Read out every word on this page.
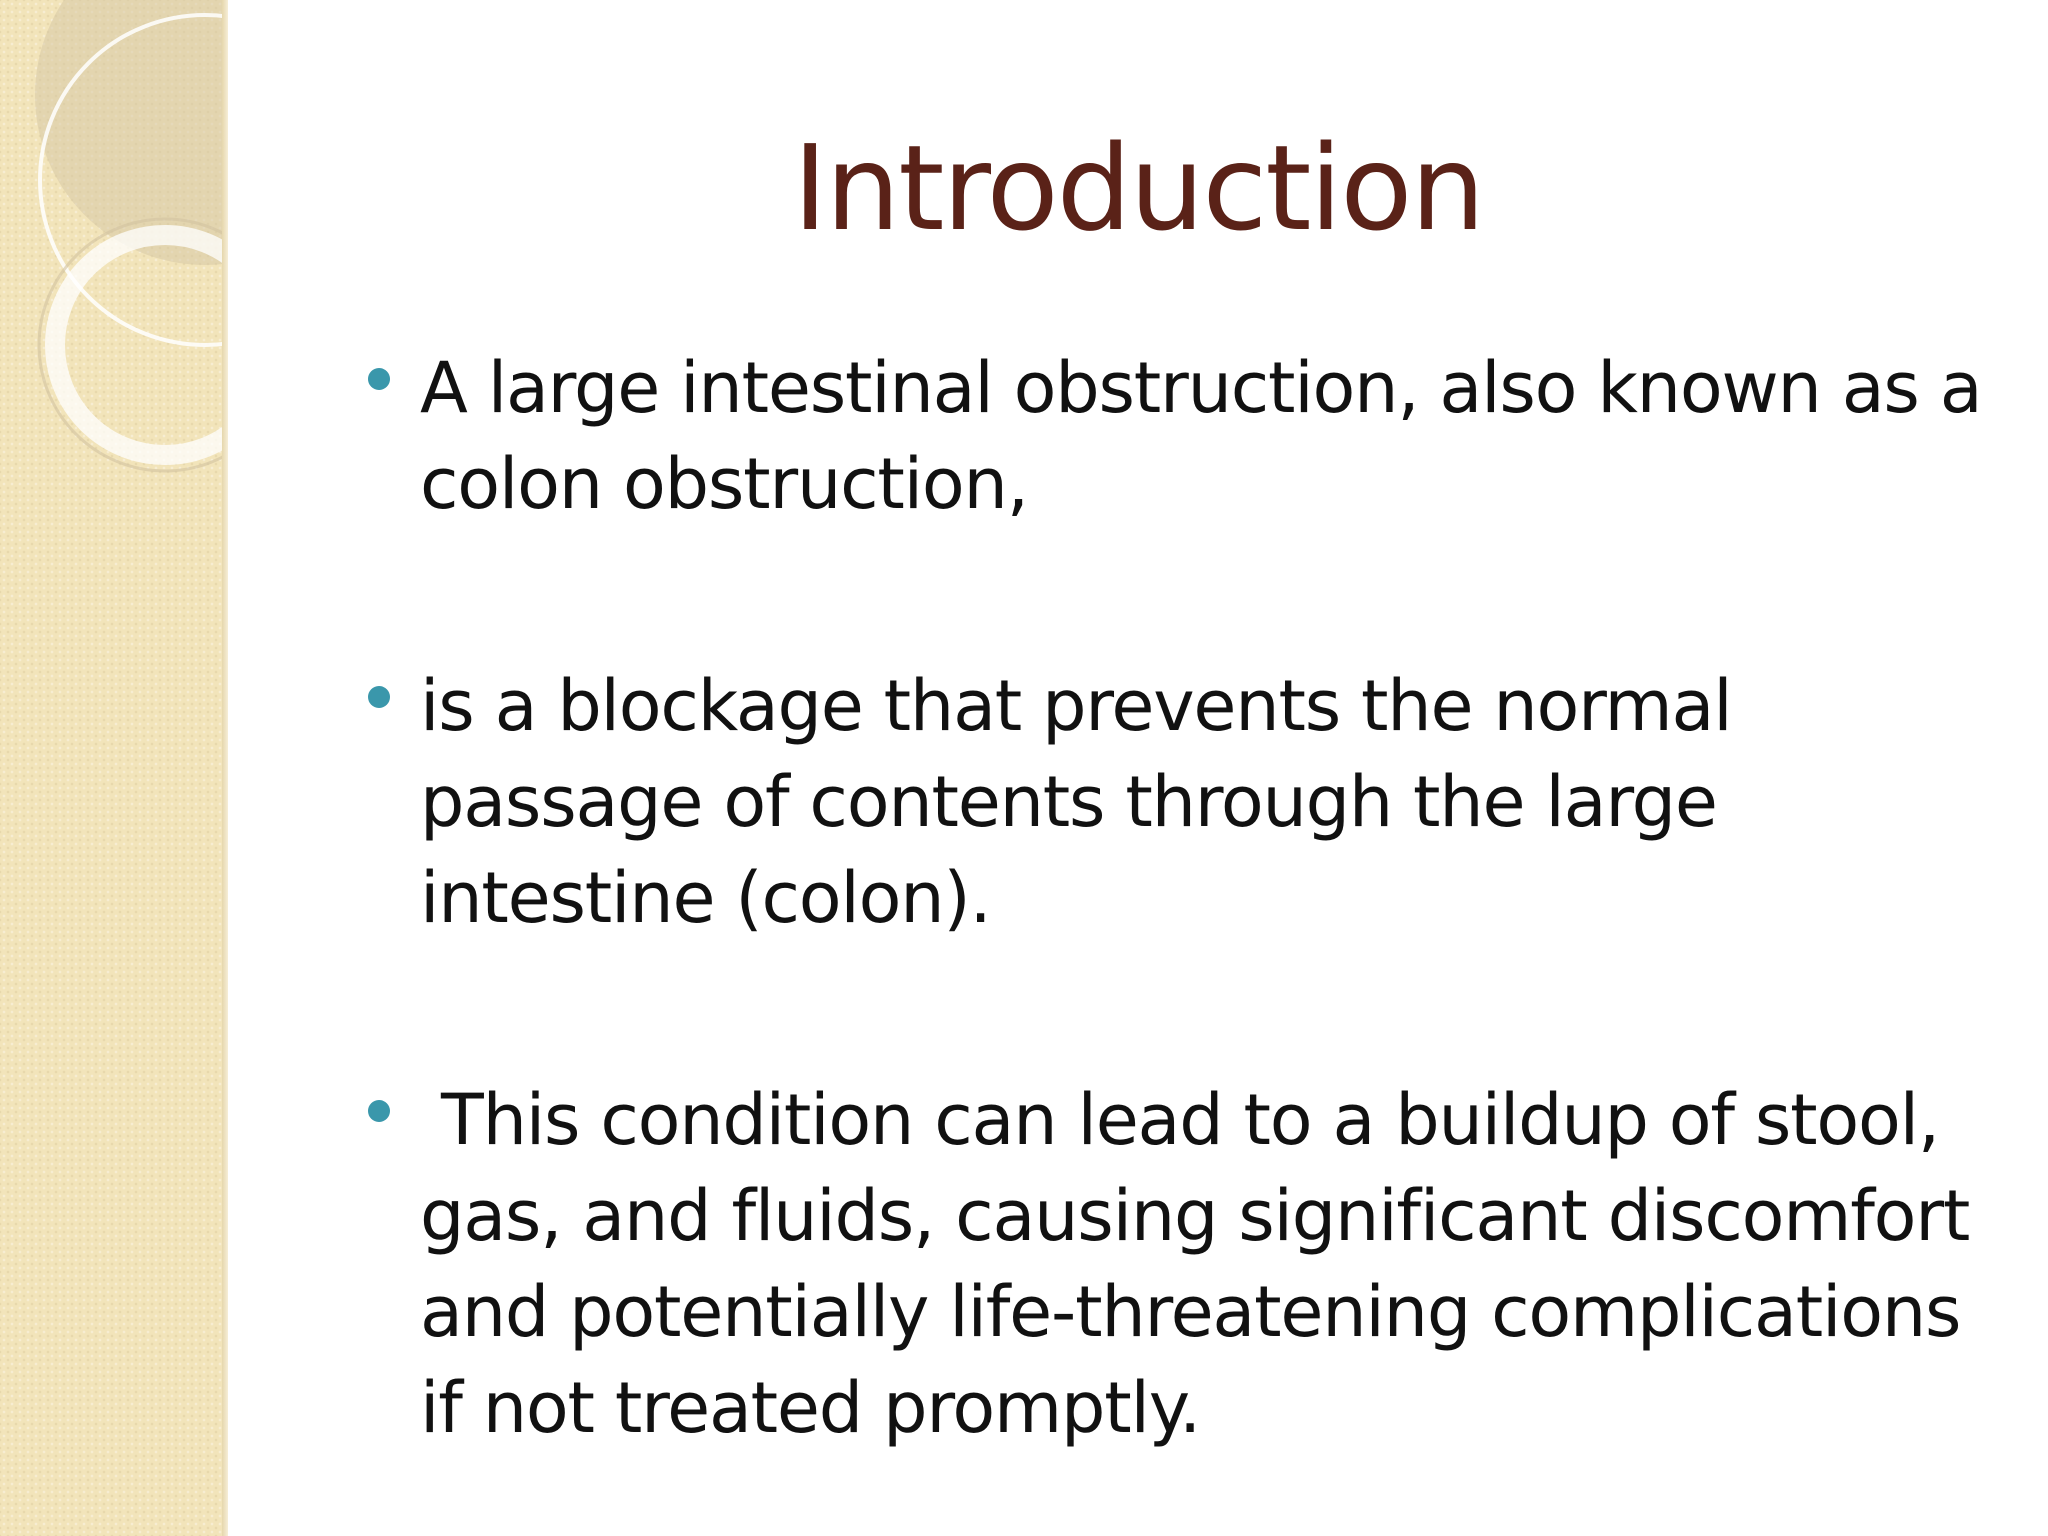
Introduction
A large intestinal obstruction, also known as a colon obstruction,
is a blockage that prevents the normal passage of contents through the large intestine (colon).
This condition can lead to a buildup of stool, gas, and fluids, causing significant discomfort and potentially life-threatening complications if not treated promptly.
